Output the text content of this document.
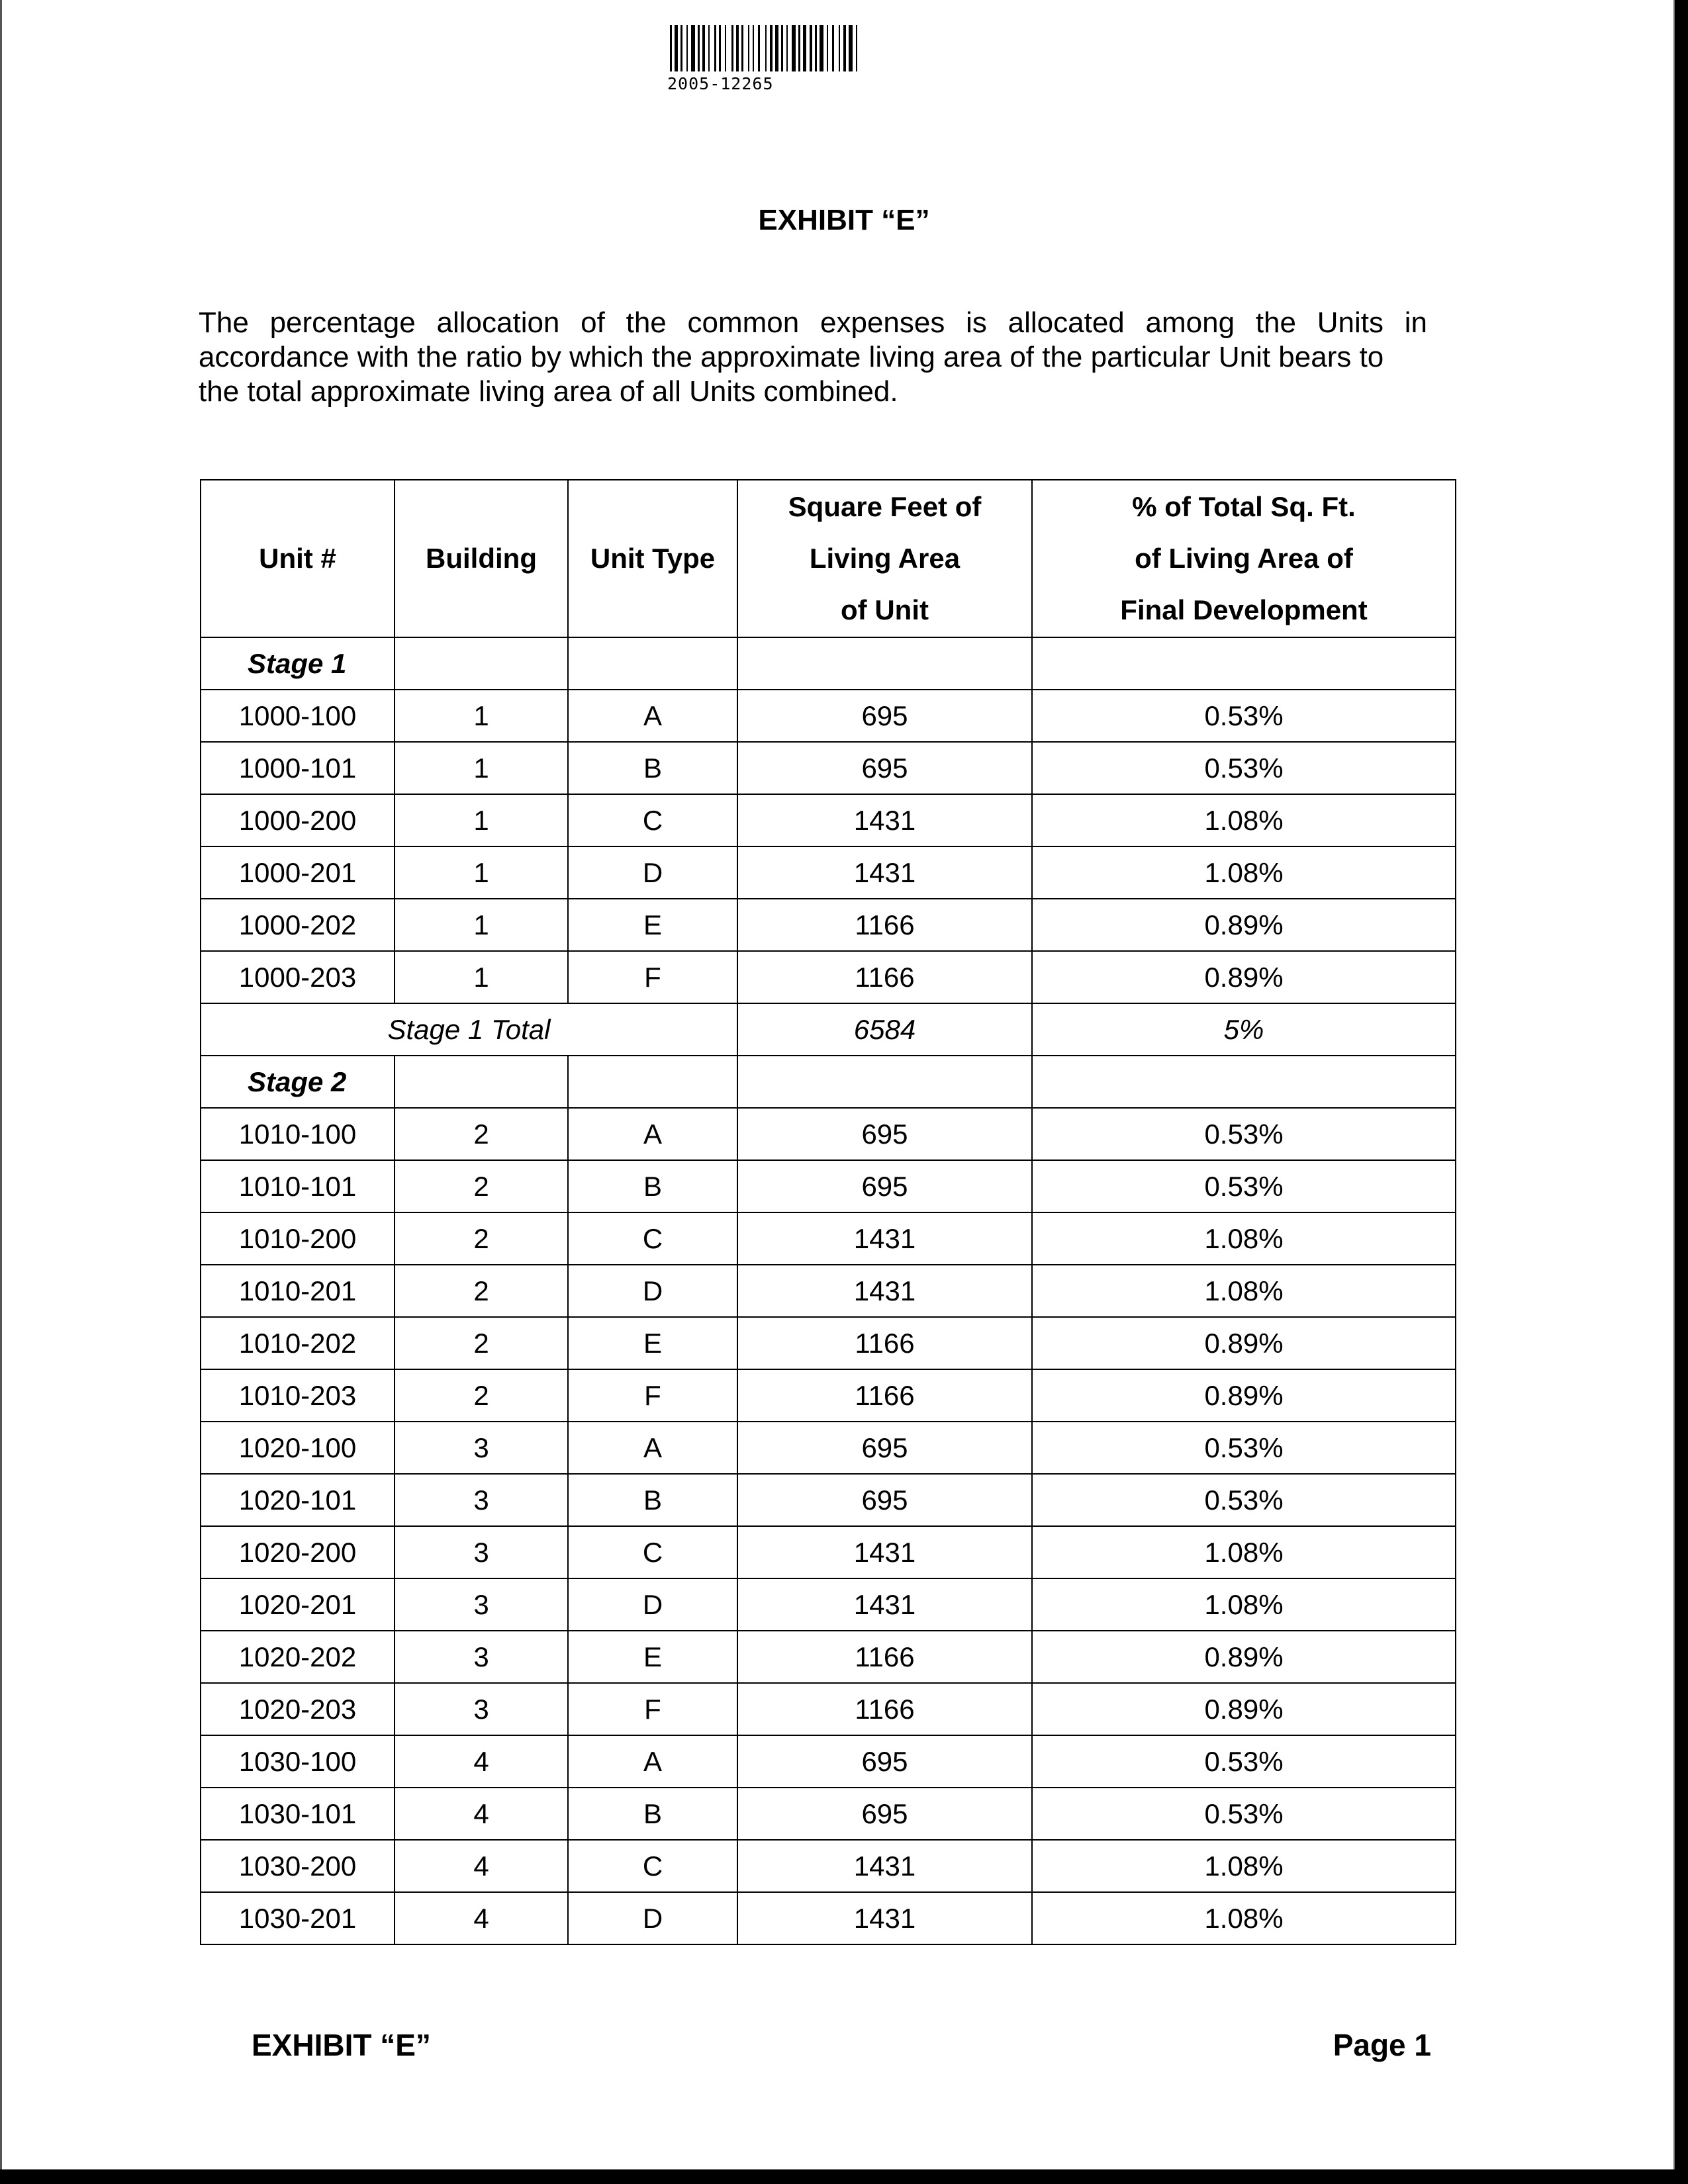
2005-12265
EXHIBIT “E”

The percentage allocation of the common expenses is allocated among the Units in
accordance with the ratio by which the approximate living area of the particular Unit bears to
the total approximate living area of all Units combined.

Unit #	Building	Unit Type	Square Feet of
Living Area
of Unit	% of Total Sq. Ft.
of Living Area of
Final Development
Stage 1				
1000-100	1	A	695	0.53%
1000-101	1	B	695	0.53%
1000-200	1	C	1431	1.08%
1000-201	1	D	1431	1.08%
1000-202	1	E	1166	0.89%
1000-203	1	F	1166	0.89%
Stage 1 Total			6584	5%
Stage 2				
1010-100	2	A	695	0.53%
1010-101	2	B	695	0.53%
1010-200	2	C	1431	1.08%
1010-201	2	D	1431	1.08%
1010-202	2	E	1166	0.89%
1010-203	2	F	1166	0.89%
1020-100	3	A	695	0.53%
1020-101	3	B	695	0.53%
1020-200	3	C	1431	1.08%
1020-201	3	D	1431	1.08%
1020-202	3	E	1166	0.89%
1020-203	3	F	1166	0.89%
1030-100	4	A	695	0.53%
1030-101	4	B	695	0.53%
1030-200	4	C	1431	1.08%
1030-201	4	D	1431	1.08%
EXHIBIT “E”	Page 1
